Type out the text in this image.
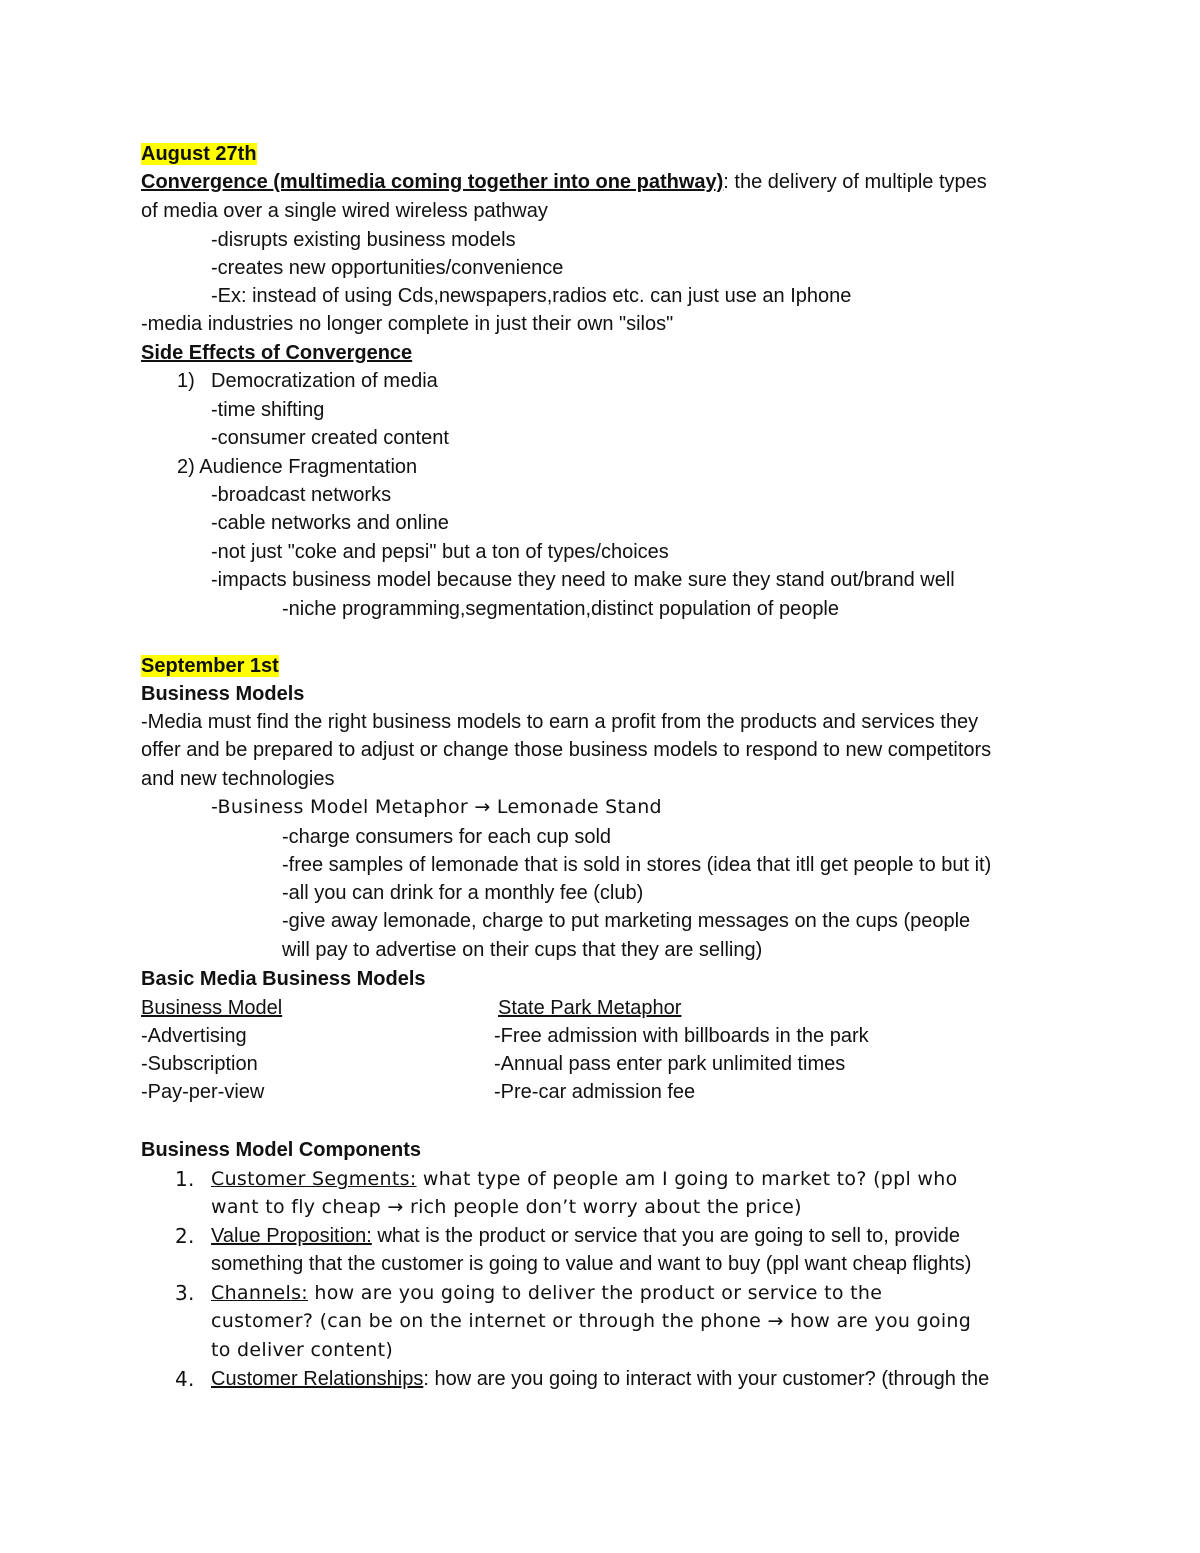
August 27th
Convergence (multimedia coming together into one pathway): the delivery of multiple types
of media over a single wired wireless pathway
-disrupts existing business models
-creates new opportunities/convenience
-Ex: instead of using Cds,newspapers,radios etc. can just use an Iphone
-media industries no longer complete in just their own "silos"
Side Effects of Convergence
1) Democratization of media
-time shifting
-consumer created content
2) Audience Fragmentation
-broadcast networks
-cable networks and online
-not just "coke and pepsi" but a ton of types/choices
-impacts business model because they need to make sure they stand out/brand well
-niche programming,segmentation,distinct population of people
September 1st
Business Models
-Media must find the right business models to earn a profit from the products and services they
offer and be prepared to adjust or change those business models to respond to new competitors
and new technologies
-Business Model Metaphor → Lemonade Stand
-charge consumers for each cup sold
-free samples of lemonade that is sold in stores (idea that itll get people to but it)
-all you can drink for a monthly fee (club)
-give away lemonade, charge to put marketing messages on the cups (people
will pay to advertise on their cups that they are selling)
Basic Media Business Models
Business Model	State Park Metaphor
-Advertising	-Free admission with billboards in the park
-Subscription	-Annual pass enter park unlimited times
-Pay-per-view	-Pre-car admission fee
Business Model Components
1. Customer Segments: what type of people am I going to market to? (ppl who
want to fly cheap → rich people don’t worry about the price)
2. Value Proposition: what is the product or service that you are going to sell to, provide
something that the customer is going to value and want to buy (ppl want cheap flights)
3. Channels: how are you going to deliver the product or service to the
customer? (can be on the internet or through the phone → how are you going
to deliver content)
4. Customer Relationships: how are you going to interact with your customer? (through the
